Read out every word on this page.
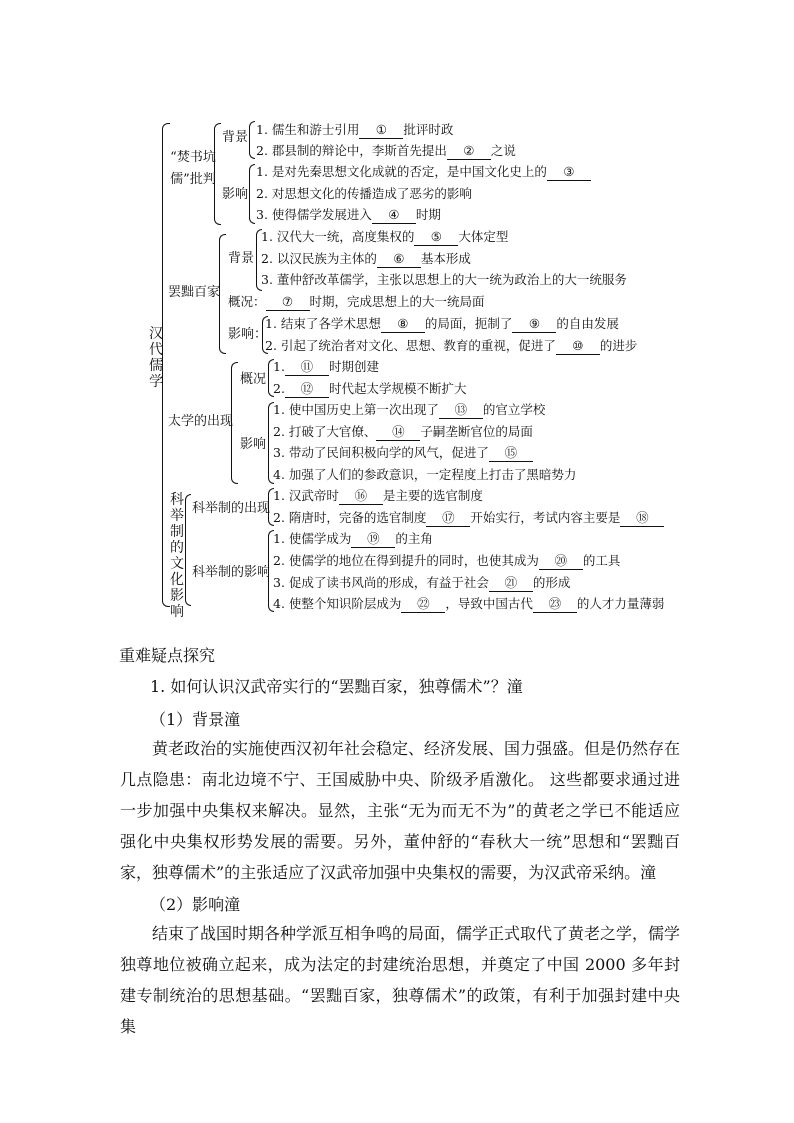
汉代儒学
“焚书坑儒”批判
背景
1. 儒生和游士引用 ① 批评时政
2. 郡县制的辩论中，李斯首先提出 ② 之说
影响
1. 是对先秦思想文化成就的否定，是中国文化史上的 ③
2. 对思想文化的传播造成了恶劣的影响
3. 使得儒学发展进入 ④ 时期
罢黜百家
背景
1. 汉代大一统，高度集权的 ⑤ 大体定型
2. 以汉民族为主体的 ⑥ 基本形成
3. 董仲舒改革儒学，主张以思想上的大一统为政治上的大一统服务
概况： ⑦ 时期，完成思想上的大一统局面
影响：
1. 结束了各学术思想 ⑧ 的局面，扼制了 ⑨ 的自由发展
2. 引起了统治者对文化、思想、教育的重视，促进了 ⑩ 的进步
太学的出现
概况
1. ⑪ 时期创建
2. ⑫ 时代起太学规模不断扩大
影响
1. 使中国历史上第一次出现了 ⑬ 的官立学校
2. 打破了大官僚、 ⑭ 子嗣垄断官位的局面
3. 带动了民间积极向学的风气，促进了 ⑮
4. 加强了人们的参政意识，一定程度上打击了黑暗势力
科举制的文化影响
科举制的出现
1. 汉武帝时 ⑯ 是主要的选官制度
2. 隋唐时，完备的选官制度 ⑰ 开始实行，考试内容主要是 ⑱
科举制的影响
1. 使儒学成为 ⑲ 的主角
2. 使儒学的地位在得到提升的同时，也使其成为 ⑳ 的工具
3. 促成了读书风尚的形成，有益于社会 ㉑ 的形成
4. 使整个知识阶层成为 ㉒ ，导致中国古代 ㉓ 的人才力量薄弱
重难疑点探究
1. 如何认识汉武帝实行的“罢黜百家，独尊儒术”？潼
（1）背景潼
黄老政治的实施使西汉初年社会稳定、经济发展、国力强盛。但是仍然存在几点隐患：南北边境不宁、王国威胁中央、阶级矛盾激化。 这些都要求通过进一步加强中央集权来解决。显然，主张“无为而无不为”的黄老之学已不能适应强化中央集权形势发展的需要。另外，董仲舒的“春秋大一统”思想和“罢黜百家，独尊儒术”的主张适应了汉武帝加强中央集权的需要，为汉武帝采纳。潼
（2）影响潼
结束了战国时期各种学派互相争鸣的局面，儒学正式取代了黄老之学，儒学独尊地位被确立起来，成为法定的封建统治思想，并奠定了中国 2000 多年封建专制统治的思想基础。“罢黜百家，独尊儒术”的政策，有利于加强封建中央集
